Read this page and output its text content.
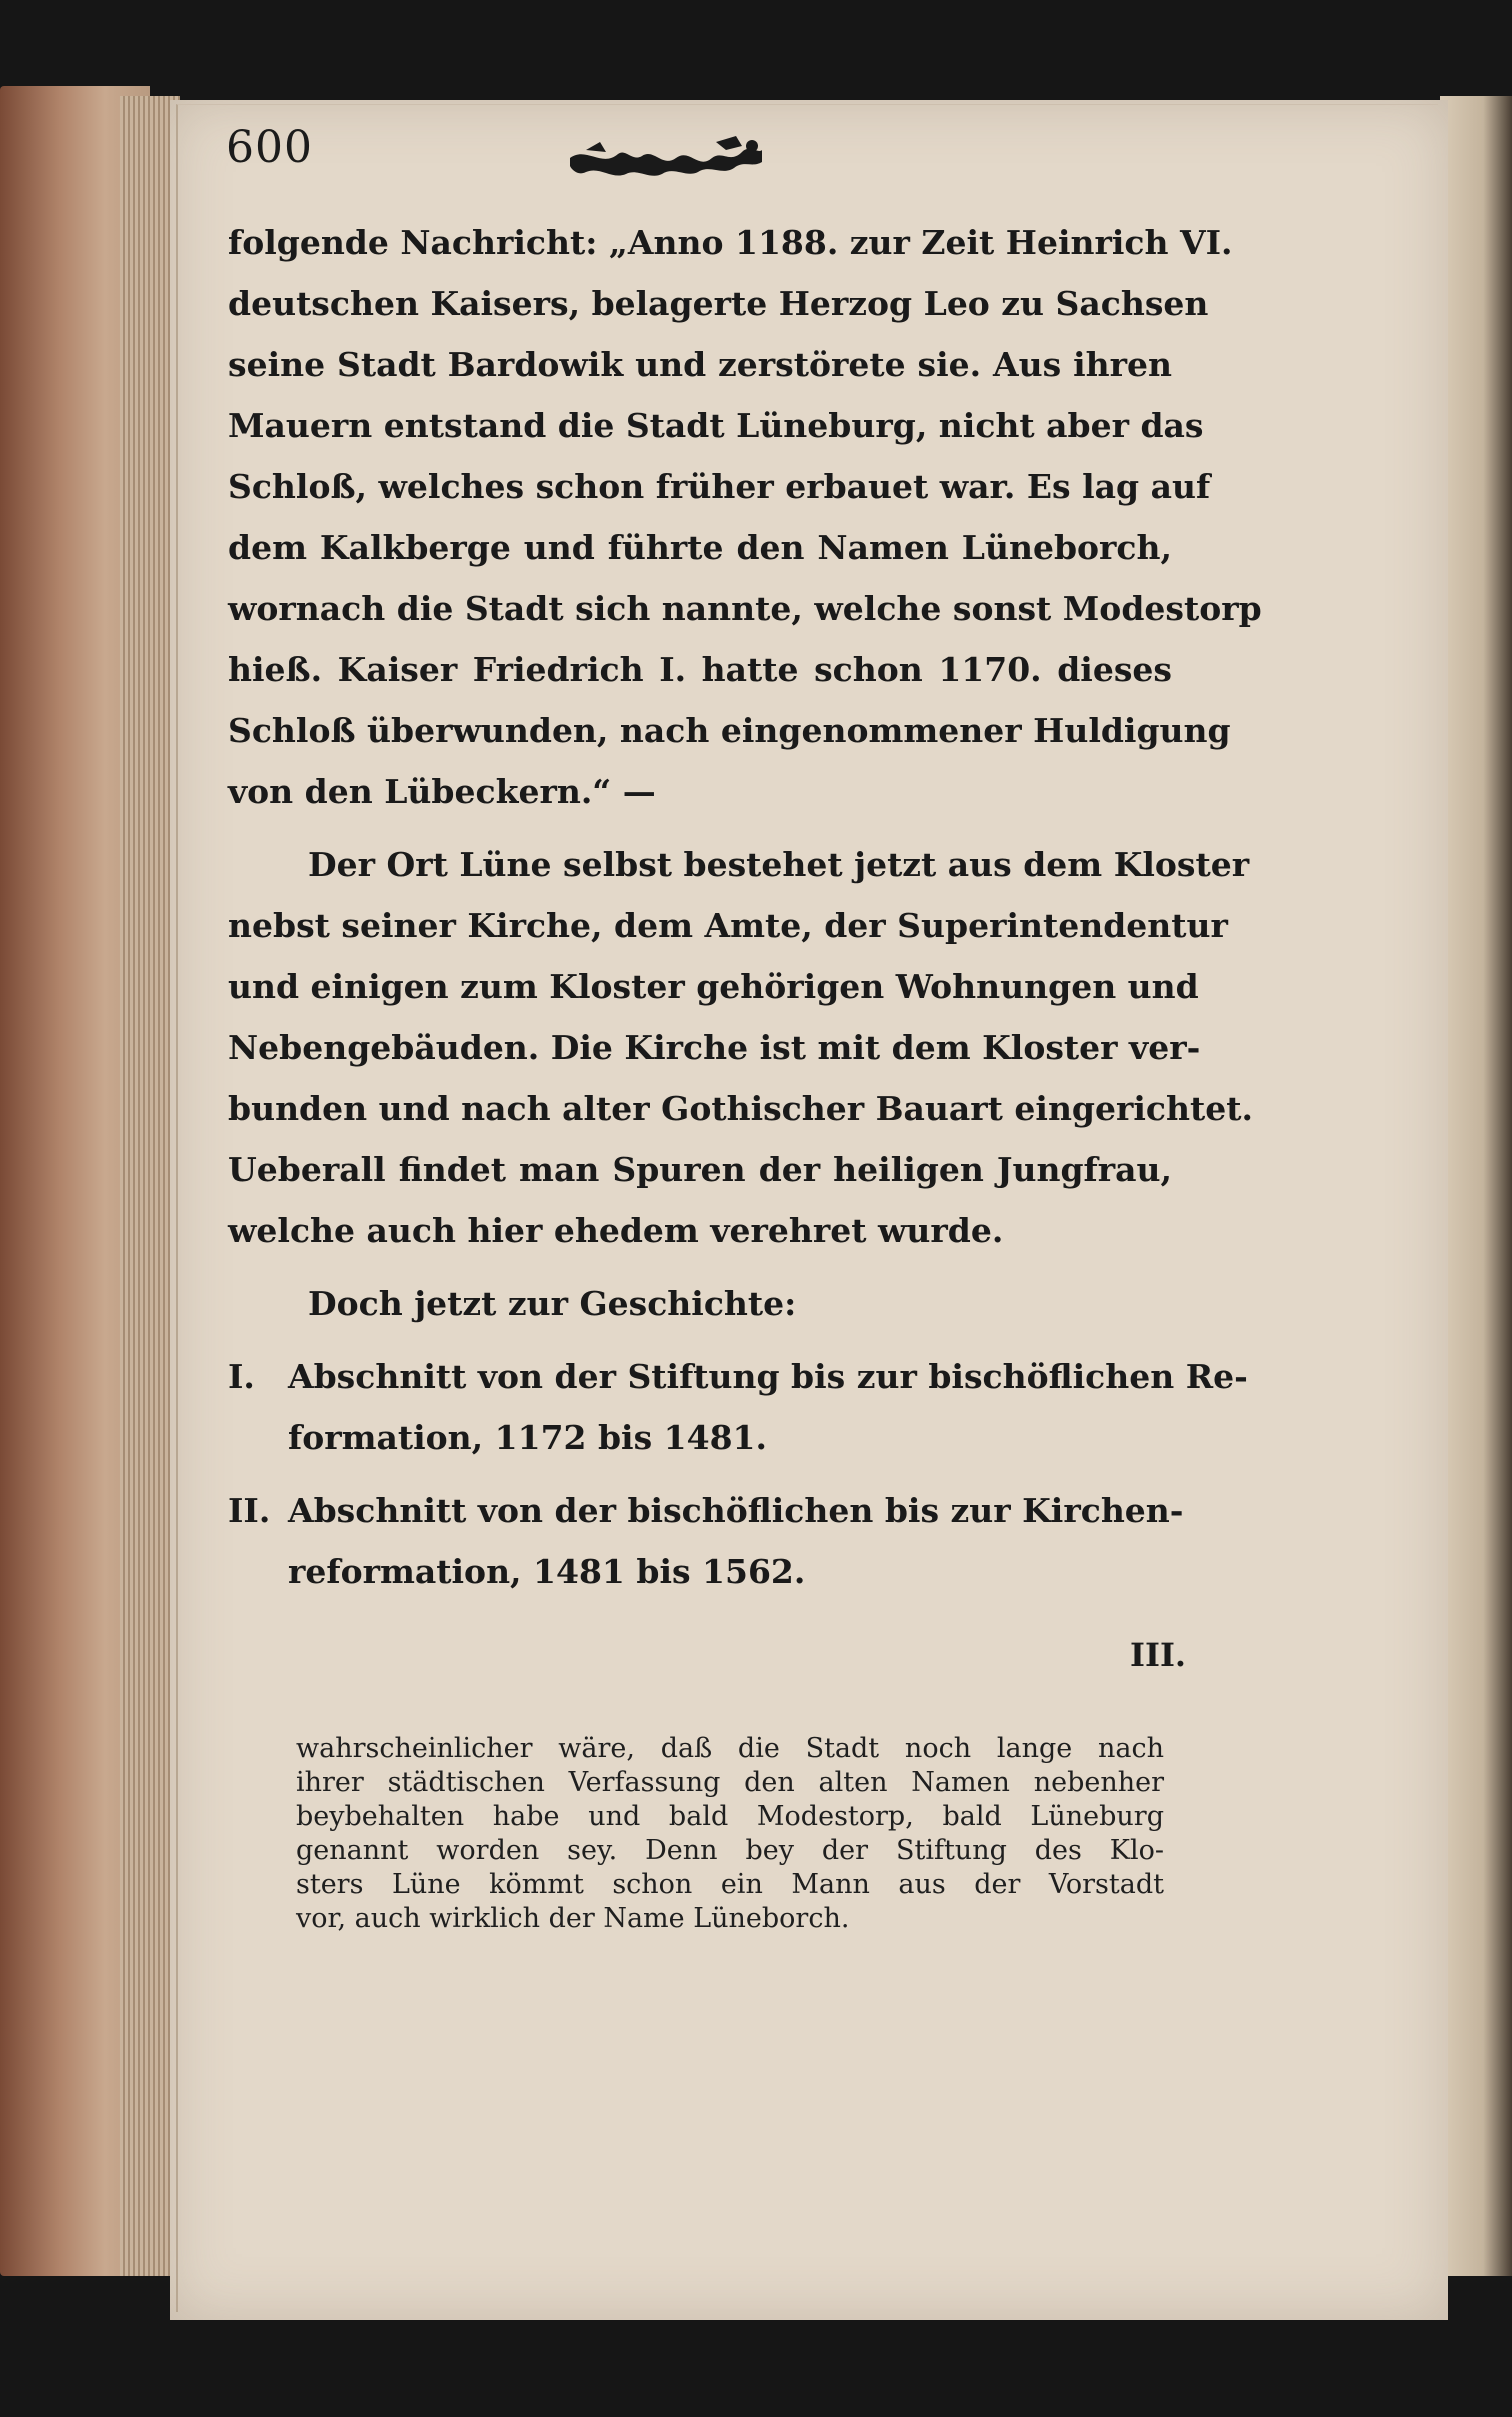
600
folgende Nachricht: „Anno 1188. zur Zeit Heinrich VI.
deutschen Kaisers, belagerte Herzog Leo zu Sachsen
seine Stadt Bardowik und zerstörete sie. Aus ihren
Mauern entstand die Stadt Lüneburg, nicht aber das
Schloß, welches schon früher erbauet war. Es lag auf
dem Kalkberge und führte den Namen Lüneborch,
wornach die Stadt sich nannte, welche sonst Modestorp
hieß. Kaiser Friedrich I. hatte schon 1170. dieses
Schloß überwunden, nach eingenommener Huldigung
von den Lübeckern.“ —
Der Ort Lüne selbst bestehet jetzt aus dem Kloster
nebst seiner Kirche, dem Amte, der Superintendentur
und einigen zum Kloster gehörigen Wohnungen und
Nebengebäuden. Die Kirche ist mit dem Kloster ver-
bunden und nach alter Gothischer Bauart eingerichtet.
Ueberall findet man Spuren der heiligen Jungfrau,
welche auch hier ehedem verehret wurde.
Doch jetzt zur Geschichte:
I. Abschnitt von der Stiftung bis zur bischöflichen Re-
formation, 1172 bis 1481.
II. Abschnitt von der bischöflichen bis zur Kirchen-
reformation, 1481 bis 1562.
III.
wahrscheinlicher wäre, daß die Stadt noch lange nach
ihrer städtischen Verfassung den alten Namen nebenher
beybehalten habe und bald Modestorp, bald Lüneburg
genannt worden sey. Denn bey der Stiftung des Klo-
sters Lüne kömmt schon ein Mann aus der Vorstadt
vor, auch wirklich der Name Lüneborch.
